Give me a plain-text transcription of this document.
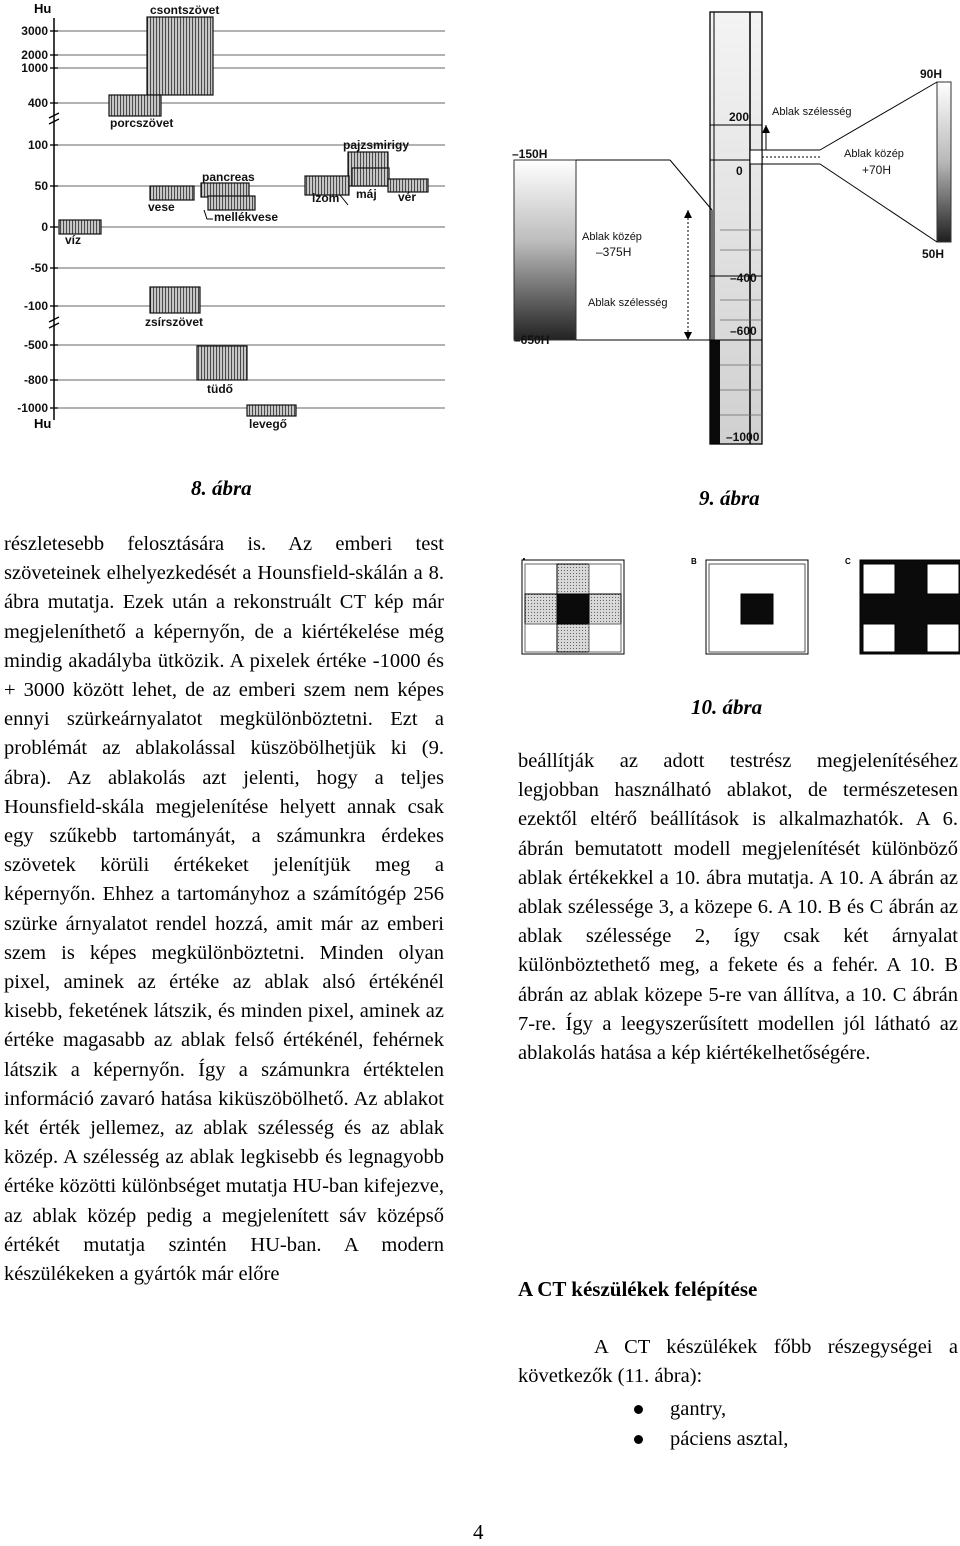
3000
2000
1000
400
100
50
0
-50
-100
-500
-800
-1000
Hu
Hu
csontszövet
porcszövet
pajzsmirigy
pancreas
vese
mellékvese
izom máj vér
víz
zsírszövet
tüdő
levegő
8. ábra
90H
200
0
–150H
–400
–600
–650H
–1000
50H
Ablak szélesség
Ablak közép
+70H
Ablak közép
–375H
Ablak szélesség
9. ábra
B	C
10. ábra
részletesebb felosztására is. Az emberi test szöveteinek elhelyezkedését a Hounsfield-skálán a 8. ábra mutatja. Ezek után a rekonstruált CT kép már megjeleníthető a képernyőn, de a kiértékelése még mindig akadályba ütközik. A pixelek értéke -1000 és + 3000 között lehet, de az emberi szem nem képes ennyi szürkeárnyalatot megkülönböztetni. Ezt a problémát az ablakolással küszöbölhetjük ki (9. ábra). Az ablakolás azt jelenti, hogy a teljes Hounsfield-skála megjelenítése helyett annak csak egy szűkebb tartományát, a számunkra érdekes szövetek körüli értékeket jelenítjük meg a képernyőn. Ehhez a tartományhoz a számítógép 256 szürke árnyalatot rendel hozzá, amit már az emberi szem is képes megkülönböztetni. Minden olyan pixel, aminek az értéke az ablak alsó értékénél kisebb, feketének látszik, és minden pixel, aminek az értéke magasabb az ablak felső értékénél, fehérnek látszik a képernyőn. Így a számunkra értéktelen információ zavaró hatása kiküszöbölhető. Az ablakot két érték jellemez, az ablak szélesség és az ablak közép. A szélesség az ablak legkisebb és legnagyobb értéke közötti különbséget mutatja HU-ban kifejezve, az ablak közép pedig a megjelenített sáv középső értékét mutatja szintén HU-ban. A modern készülékeken a gyártók már előre
beállítják az adott testrész megjelenítéséhez legjobban használható ablakot, de természetesen ezektől eltérő beállítások is alkalmazhatók. A 6. ábrán bemutatott modell megjelenítését különböző ablak értékekkel a 10. ábra mutatja. A 10. A ábrán az ablak szélessége 3, a közepe 6. A 10. B és C ábrán az ablak szélessége 2, így csak két árnyalat különböztethető meg, a fekete és a fehér. A 10. B ábrán az ablak közepe 5-re van állítva, a 10. C ábrán 7-re. Így a leegyszerűsített modellen jól látható az ablakolás hatása a kép kiértékelhetőségére.
A CT készülékek felépítése
A CT készülékek főbb részegységei a következők (11. ábra):
gantry,
páciens asztal,
4
